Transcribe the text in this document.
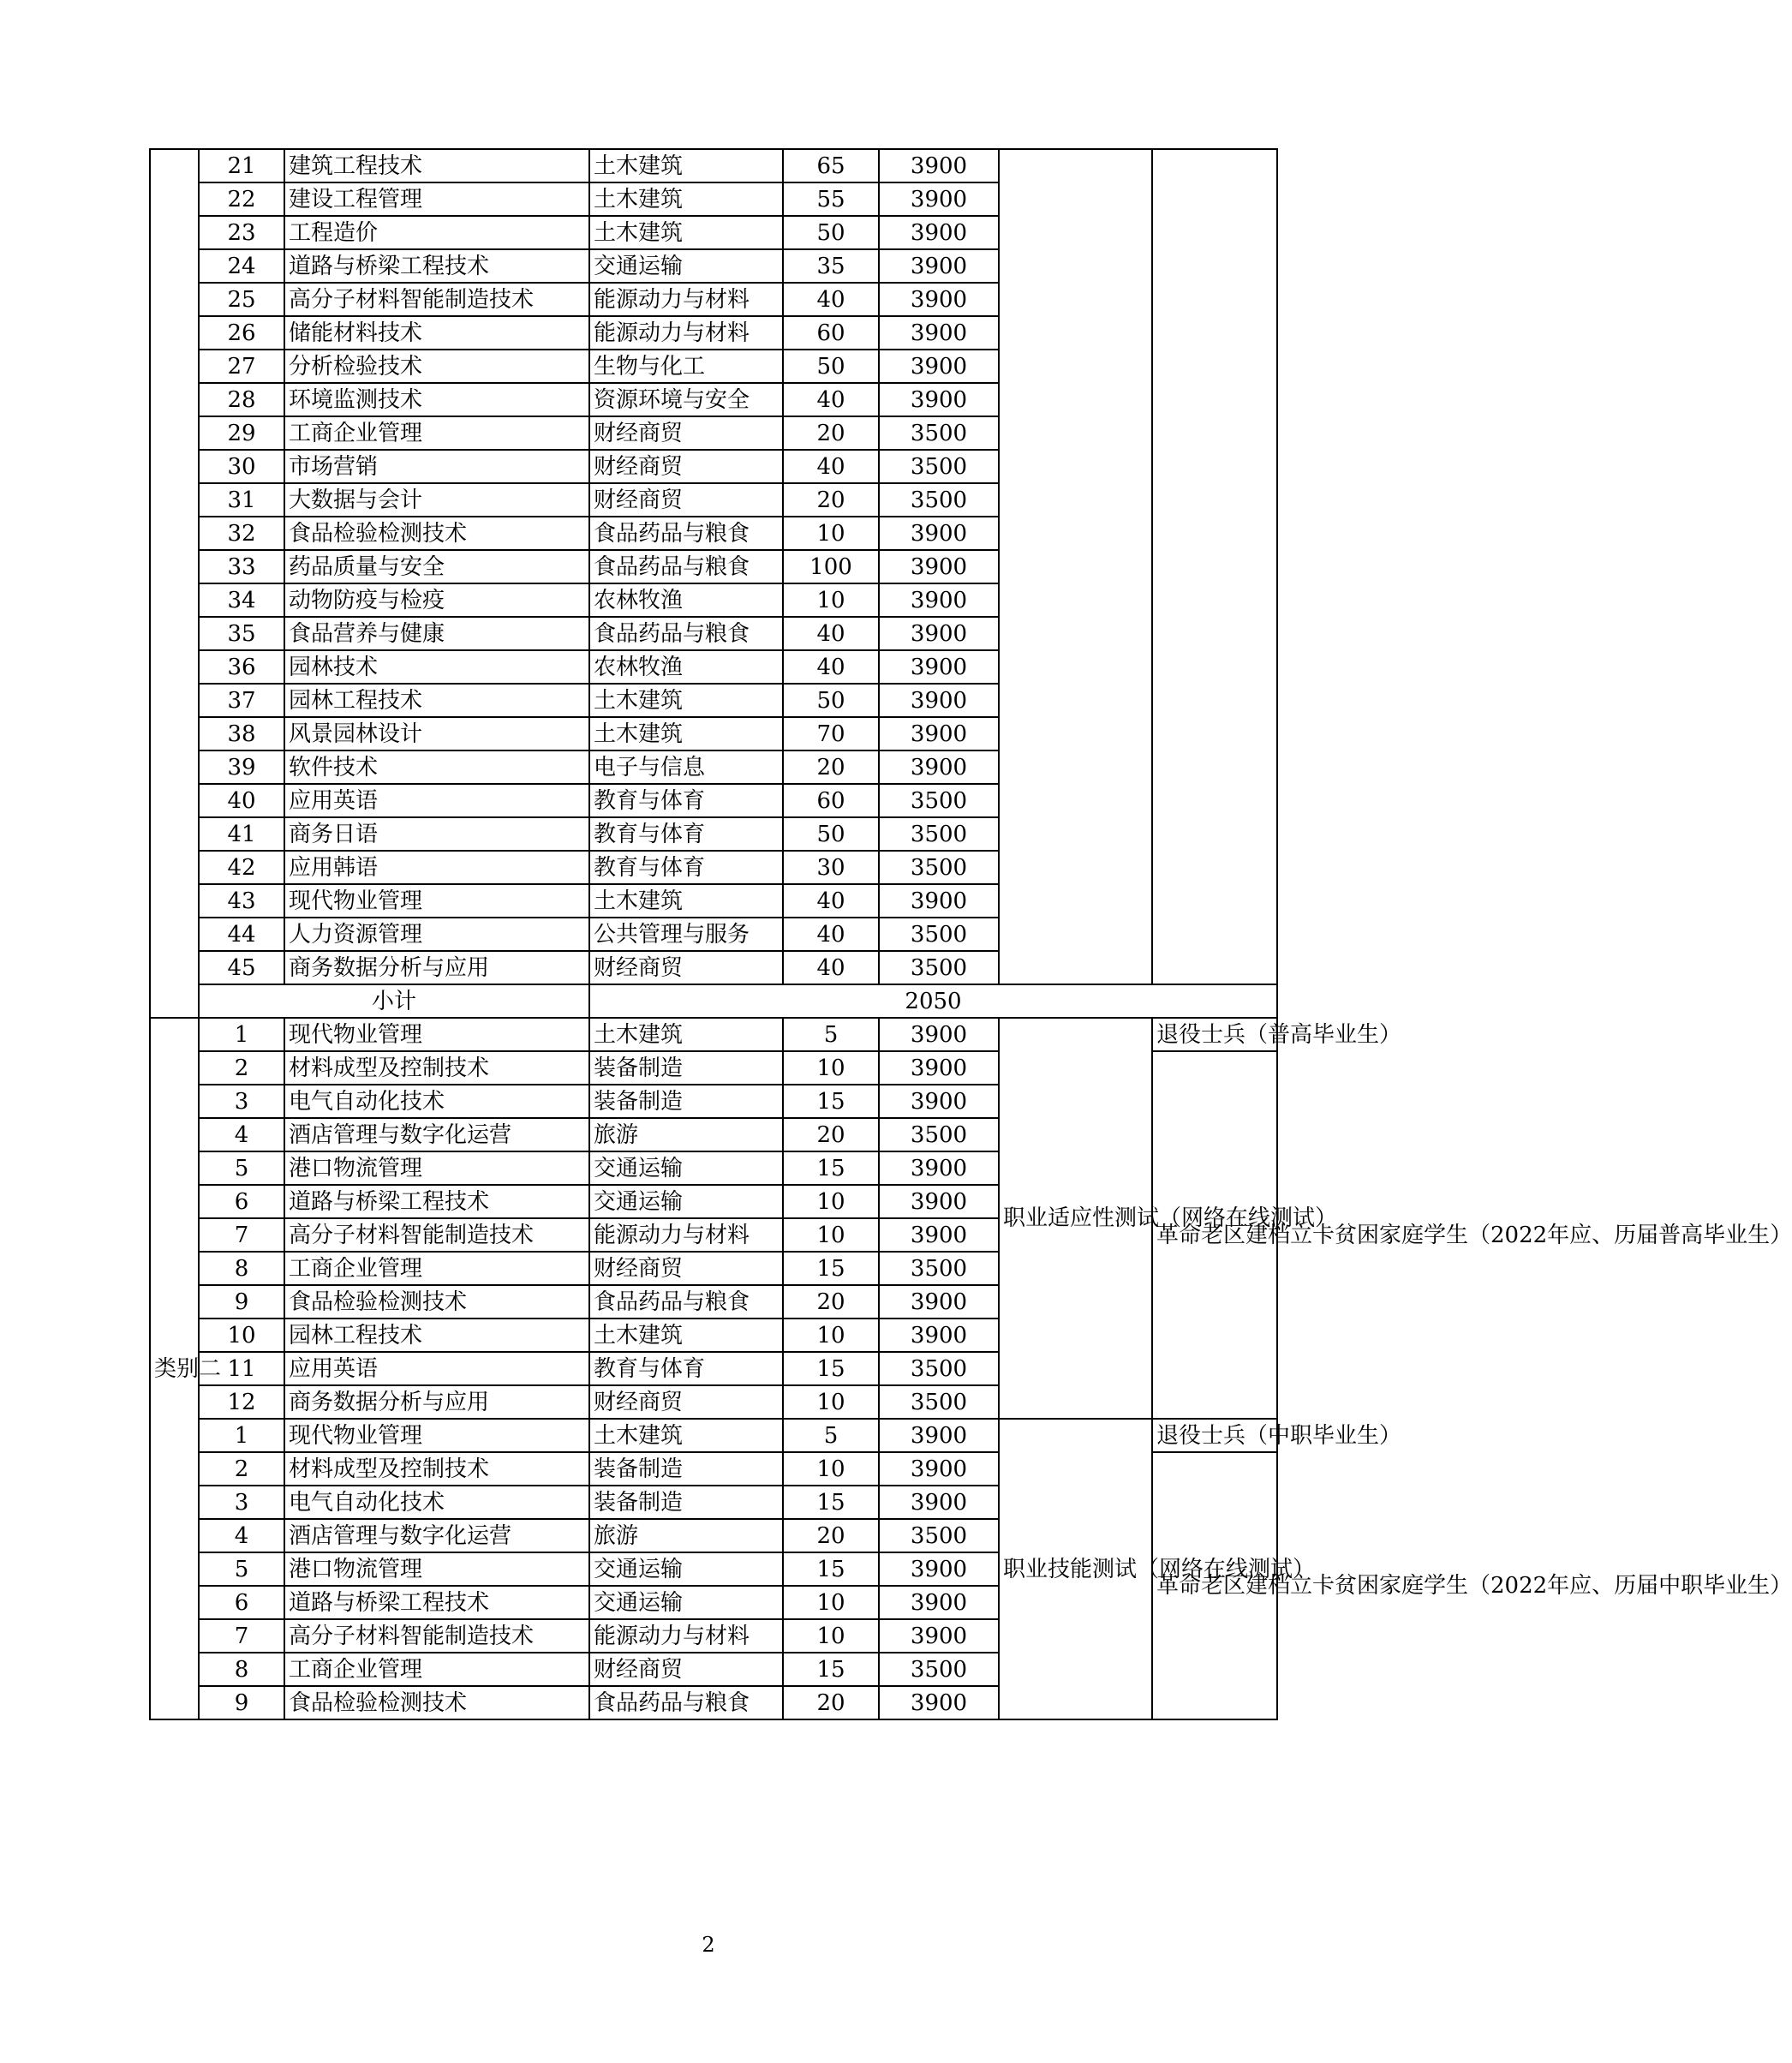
	21	建筑工程技术	土木建筑	65	3900		
	22	建设工程管理	土木建筑	55	3900		
	23	工程造价	土木建筑	50	3900		
	24	道路与桥梁工程技术	交通运输	35	3900		
	25	高分子材料智能制造技术	能源动力与材料	40	3900		
	26	储能材料技术	能源动力与材料	60	3900		
	27	分析检验技术	生物与化工	50	3900		
	28	环境监测技术	资源环境与安全	40	3900		
	29	工商企业管理	财经商贸	20	3500		
	30	市场营销	财经商贸	40	3500		
	31	大数据与会计	财经商贸	20	3500		
	32	食品检验检测技术	食品药品与粮食	10	3900		
	33	药品质量与安全	食品药品与粮食	100	3900		
	34	动物防疫与检疫	农林牧渔	10	3900		
	35	食品营养与健康	食品药品与粮食	40	3900		
	36	园林技术	农林牧渔	40	3900		
	37	园林工程技术	土木建筑	50	3900		
	38	风景园林设计	土木建筑	70	3900		
	39	软件技术	电子与信息	20	3900		
	40	应用英语	教育与体育	60	3500		
	41	商务日语	教育与体育	50	3500		
	42	应用韩语	教育与体育	30	3500		
	43	现代物业管理	土木建筑	40	3900		
	44	人力资源管理	公共管理与服务	40	3500		
	45	商务数据分析与应用	财经商贸	40	3500		
	小计		2050				
类别二	1	现代物业管理	土木建筑	5	3900	职业适应性测试（网络在线测试）	退役士兵（普高毕业生）
	2	材料成型及控制技术	装备制造	10	3900		革命老区建档立卡贫困家庭学生（2022年应、历届普高毕业生）
	3	电气自动化技术	装备制造	15	3900		
	4	酒店管理与数字化运营	旅游	20	3500		
	5	港口物流管理	交通运输	15	3900		
	6	道路与桥梁工程技术	交通运输	10	3900		
	7	高分子材料智能制造技术	能源动力与材料	10	3900		
	8	工商企业管理	财经商贸	15	3500		
	9	食品检验检测技术	食品药品与粮食	20	3900		
	10	园林工程技术	土木建筑	10	3900		
	11	应用英语	教育与体育	15	3500		
	12	商务数据分析与应用	财经商贸	10	3500		
	1	现代物业管理	土木建筑	5	3900	职业技能测试（网络在线测试）	退役士兵（中职毕业生）
	2	材料成型及控制技术	装备制造	10	3900		革命老区建档立卡贫困家庭学生（2022年应、历届中职毕业生）
	3	电气自动化技术	装备制造	15	3900		
	4	酒店管理与数字化运营	旅游	20	3500		
	5	港口物流管理	交通运输	15	3900		
	6	道路与桥梁工程技术	交通运输	10	3900		
	7	高分子材料智能制造技术	能源动力与材料	10	3900		
	8	工商企业管理	财经商贸	15	3500		
	9	食品检验检测技术	食品药品与粮食	20	3900		
2
